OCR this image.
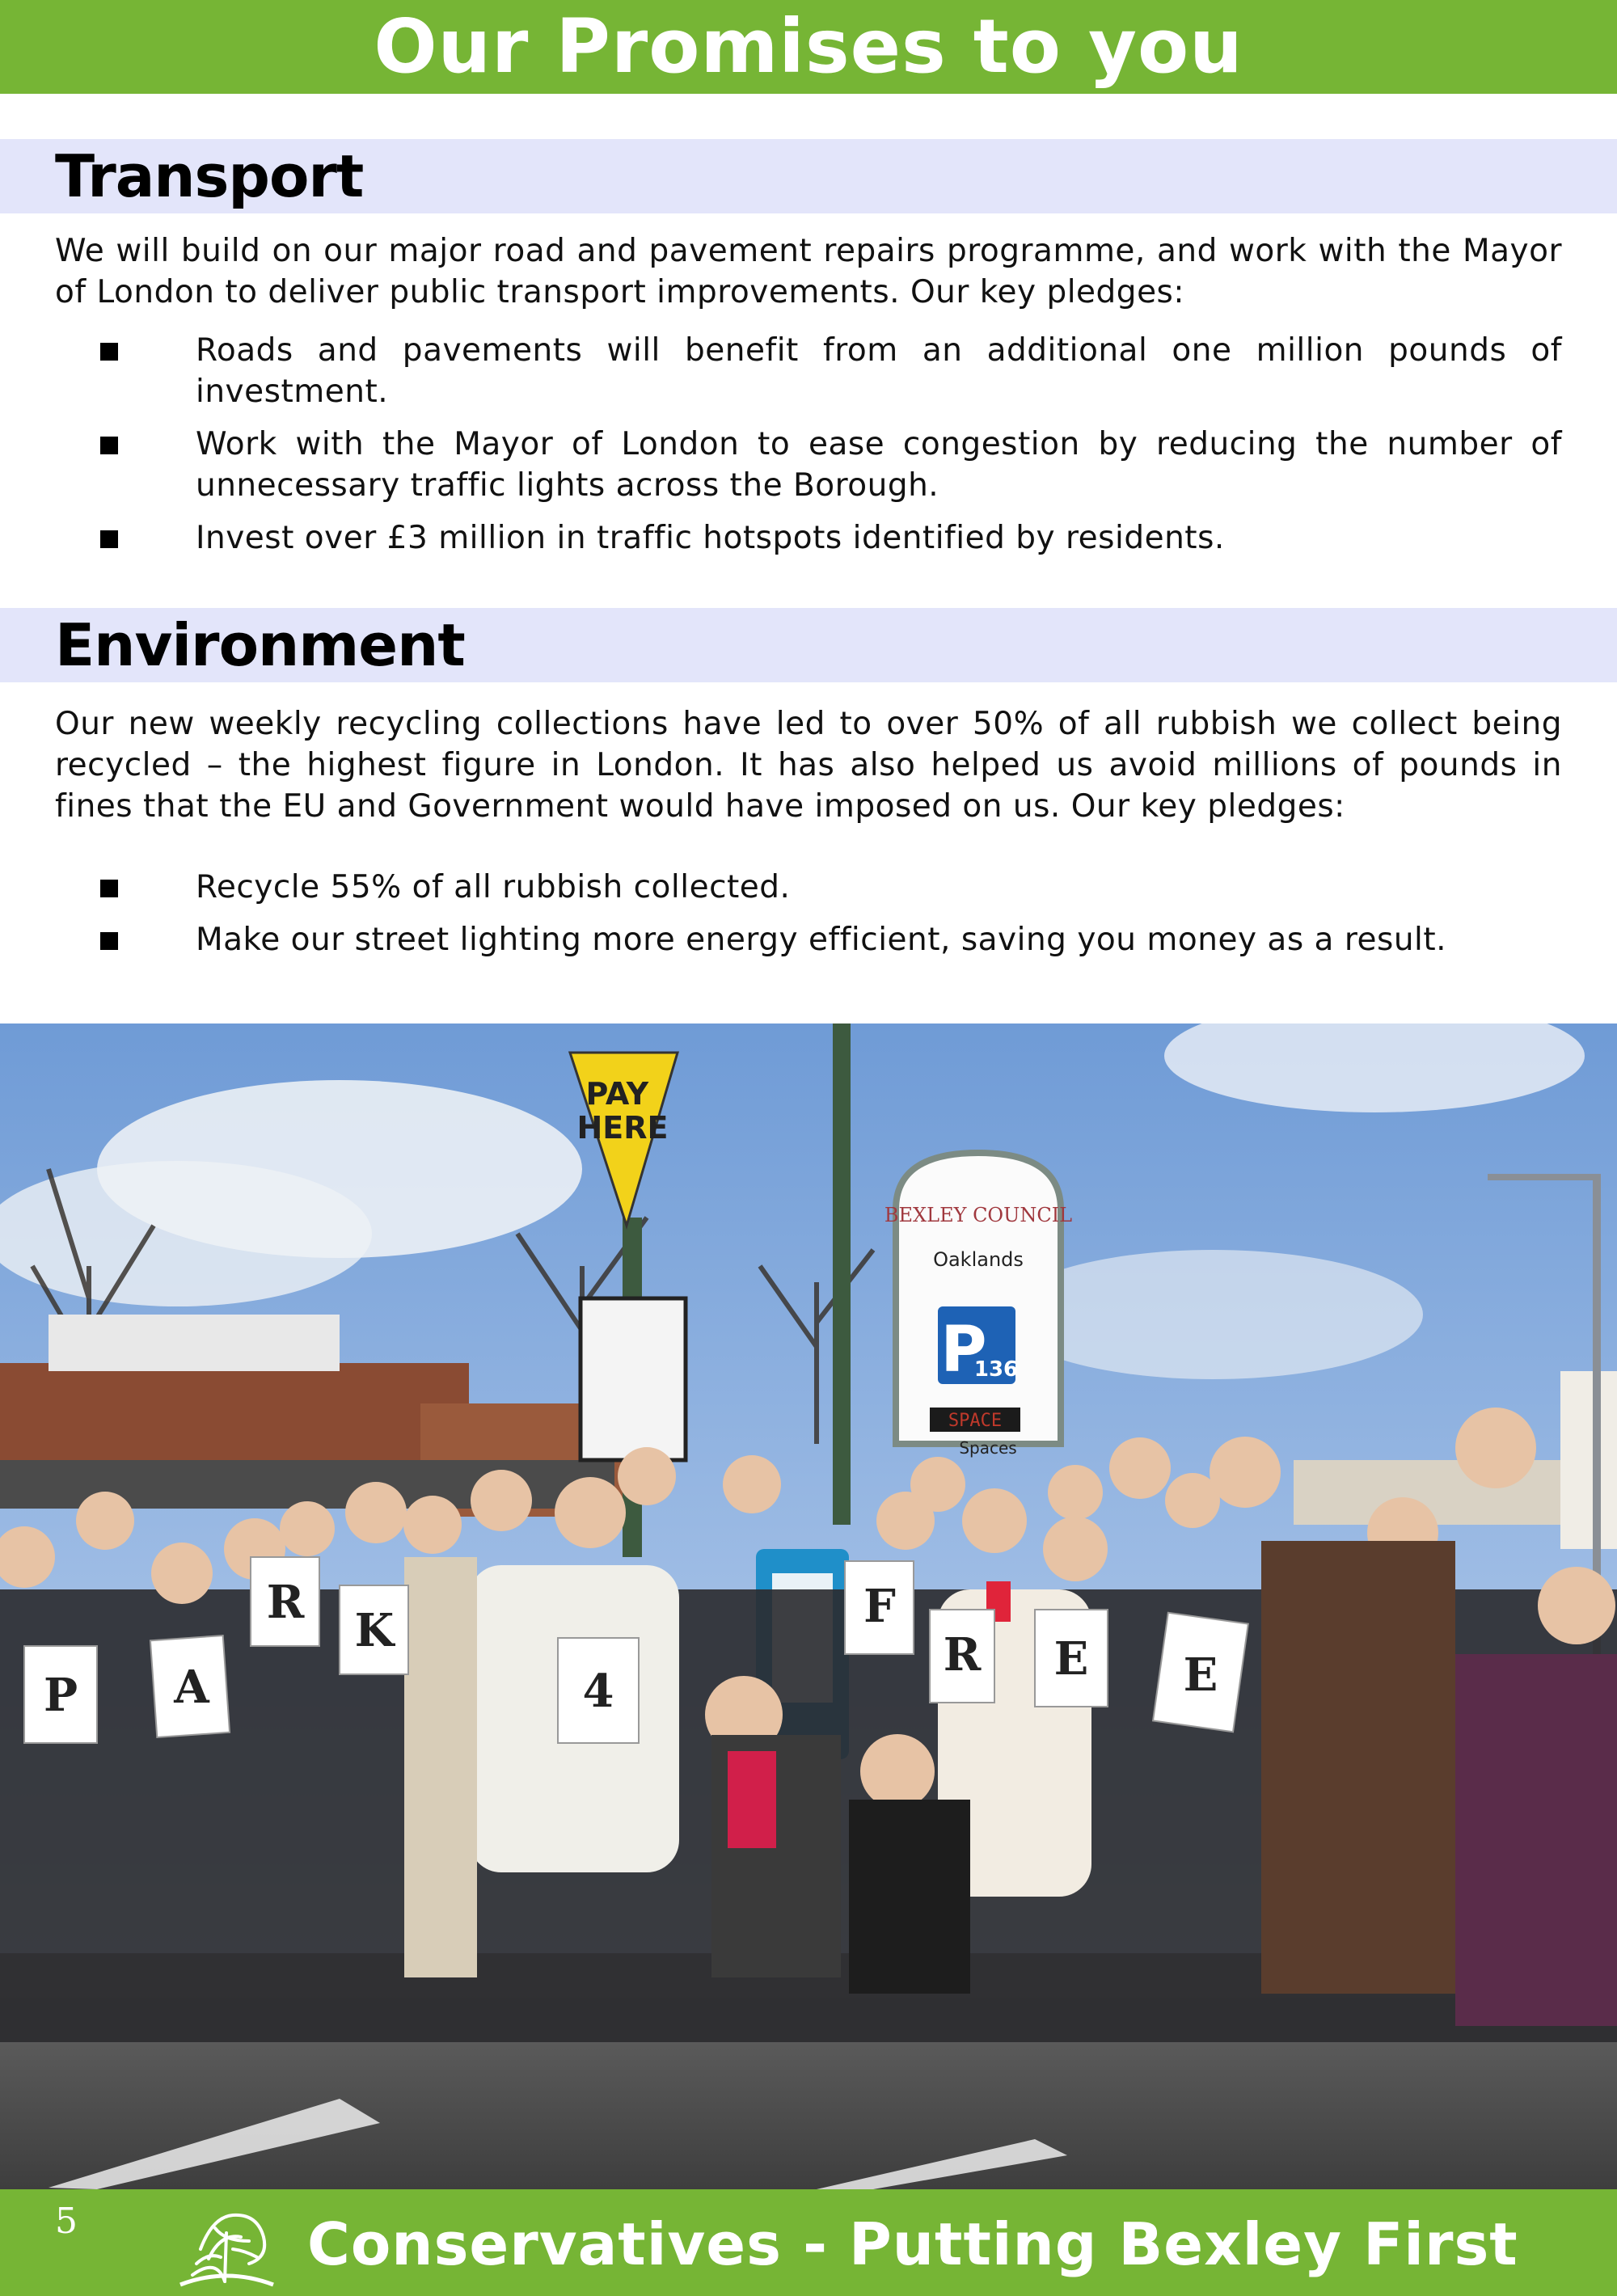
Our Promises to you
Transport
We will build on our major road and pavement repairs programme, and work with the Mayor of London to deliver public transport improvements. Our key pledges:
Roads and pavements will benefit from an additional one million pounds of investment.
Work with the Mayor of London to ease congestion by reducing the number of unnecessary traffic lights across the Borough.
Invest over £3 million in traffic hotspots identified by residents.
Environment
Our new weekly recycling collections have led to over 50% of all rubbish we collect being recycled – the highest figure in London. It has also helped us avoid millions of pounds in fines that the EU and Government would have imposed on us. Our key pledges:
Recycle 55% of all rubbish collected.
Make our street lighting more energy efficient, saving you money as a result.
PAY HERE
BEXLEY COUNCIL
Oaklands
P
136
SPACE
Spaces
P A
R
K
4
F
R E E
5	Conservatives - Putting Bexley First
